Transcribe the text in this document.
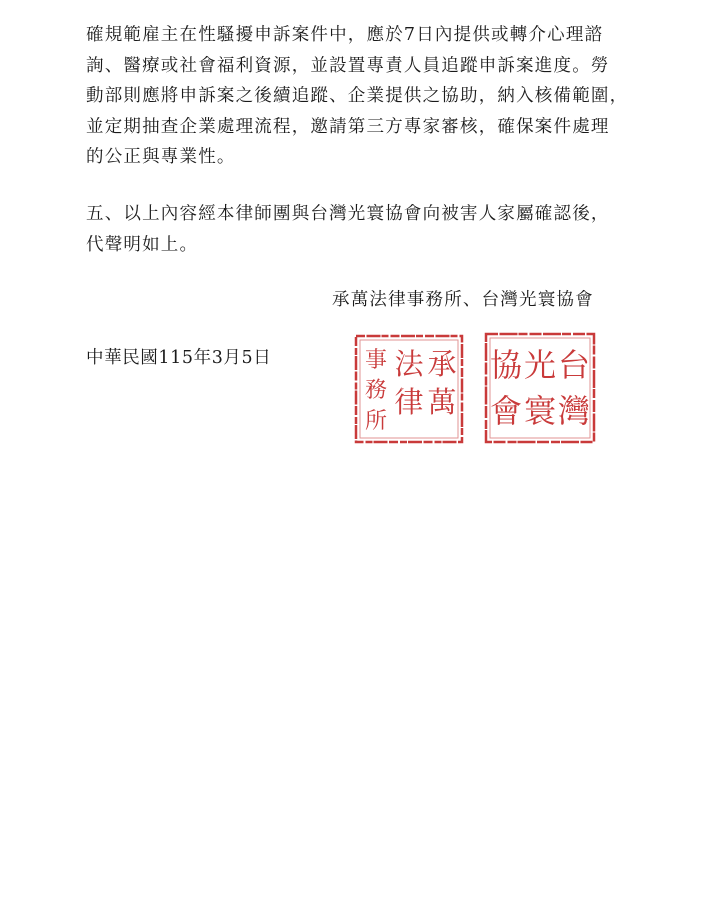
確規範雇主在性騷擾申訴案件中，應於7日內提供或轉介心理諮
詢、醫療或社會福利資源，並設置專責人員追蹤申訴案進度。勞
動部則應將申訴案之後續追蹤、企業提供之協助，納入核備範圍，
並定期抽查企業處理流程，邀請第三方專家審核，確保案件處理
的公正與專業性。
五、以上內容經本律師團與台灣光寰協會向被害人家屬確認後，
代聲明如上。
承萬法律事務所、台灣光寰協會
中華民國115年3月5日	承
萬
法
律
事
務
所
台
灣
光
寰
協
會
